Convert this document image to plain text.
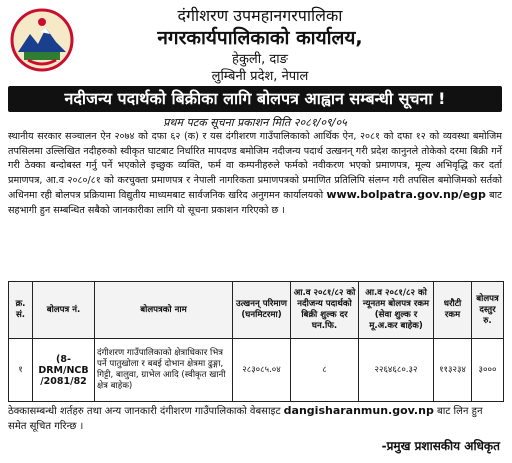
दंगीशरण उपमहानगरपालिका
नगरकार्यपालिकाको कार्यालय,
हेकुली, दाङ
लुम्बिनी प्रदेश, नेपाल
नदीजन्य पदार्थको बिक्रीका लागि बोलपत्र आह्वान सम्बन्धी सूचना !
प्रथम पटक सूचना प्रकाशन मिति २०८१/०९/०५
स्थानीय सरकार सञ्चालन ऐन २०७४ को दफा ६२ (क) र यस दंगीशरण गाउँपालिकाको आर्थिक ऐन, २०८१ को दफा १२ को व्यवस्था बमोजिम तपसिलमा उल्लिखित नदीहरुको स्वीकृत घाटबाट निर्धारित मापदण्ड बमोजिम नदीजन्य पदार्थ उत्खनन् गरी प्रदेश कानुनले तोकेको दरमा बिक्री गर्ने गरी ठेक्का बन्दोबस्त गर्नु पर्ने भएकोले इच्छुक व्यक्ति, फर्म वा कम्पनीहरुले फर्मको नवीकरण भएको प्रमाणपत्र, मूल्य अभिवृद्धि कर दर्ता प्रमाणपत्र, आ.व २०८०/८१ को करचुक्ता प्रमाणपत्र र नेपाली नागरिकता प्रमाणपत्रको प्रमाणित प्रतिलिपि संलग्न गरी तपसिल बमोजिमको सर्तको अधिनमा रही बोलपत्र प्रक्रियामा विद्युतीय माध्यमबाट सार्वजनिक खरिद अनुगमन कार्यालयको www.bolpatra.gov.np/egp बाट सहभागी हुन सम्बन्धित सबैको जानकारीका लागि यो सूचना प्रकाशन गरिएको छ ।
क्र. सं.	बोलपत्र नं.	बोलपत्रको नाम	उत्खनन् परिमाण (घनमिटरमा)	आ.व २०८१/८२ को नदीजन्य पदार्थको बिक्री शुल्क दर घन.फि.	आ.व २०८१/८२ को न्यूनतम बोलपत्र रकम (सेवा शुल्क र मू.अ.कर बाहेक)	धरौटी रकम	बोलपत्र दस्तुर रु.
१	(8-DRM/NCB /2081/82	दंगीशरण गाउँपालिकाको क्षेत्राधिकार भित्र पर्ने पातुखोला र बबई दोभान क्षेत्रमा ढुङ्गा, गिट्टी, बालुवा, ग्राभेल आदि (स्वीकृत खानी क्षेत्र बाहेक)	२८३०८५.०४	८	२२६४६८०.३२	११३२३४	३०००
ठेक्कासम्बन्धी शर्तहरु तथा अन्य जानकारी दंगीशरण गाउँपालिकाको वेबसाइट dangisharanmun.gov.np बाट लिन हुन समेत सूचित गरिन्छ ।
-प्रमुख प्रशासकीय अधिकृत
